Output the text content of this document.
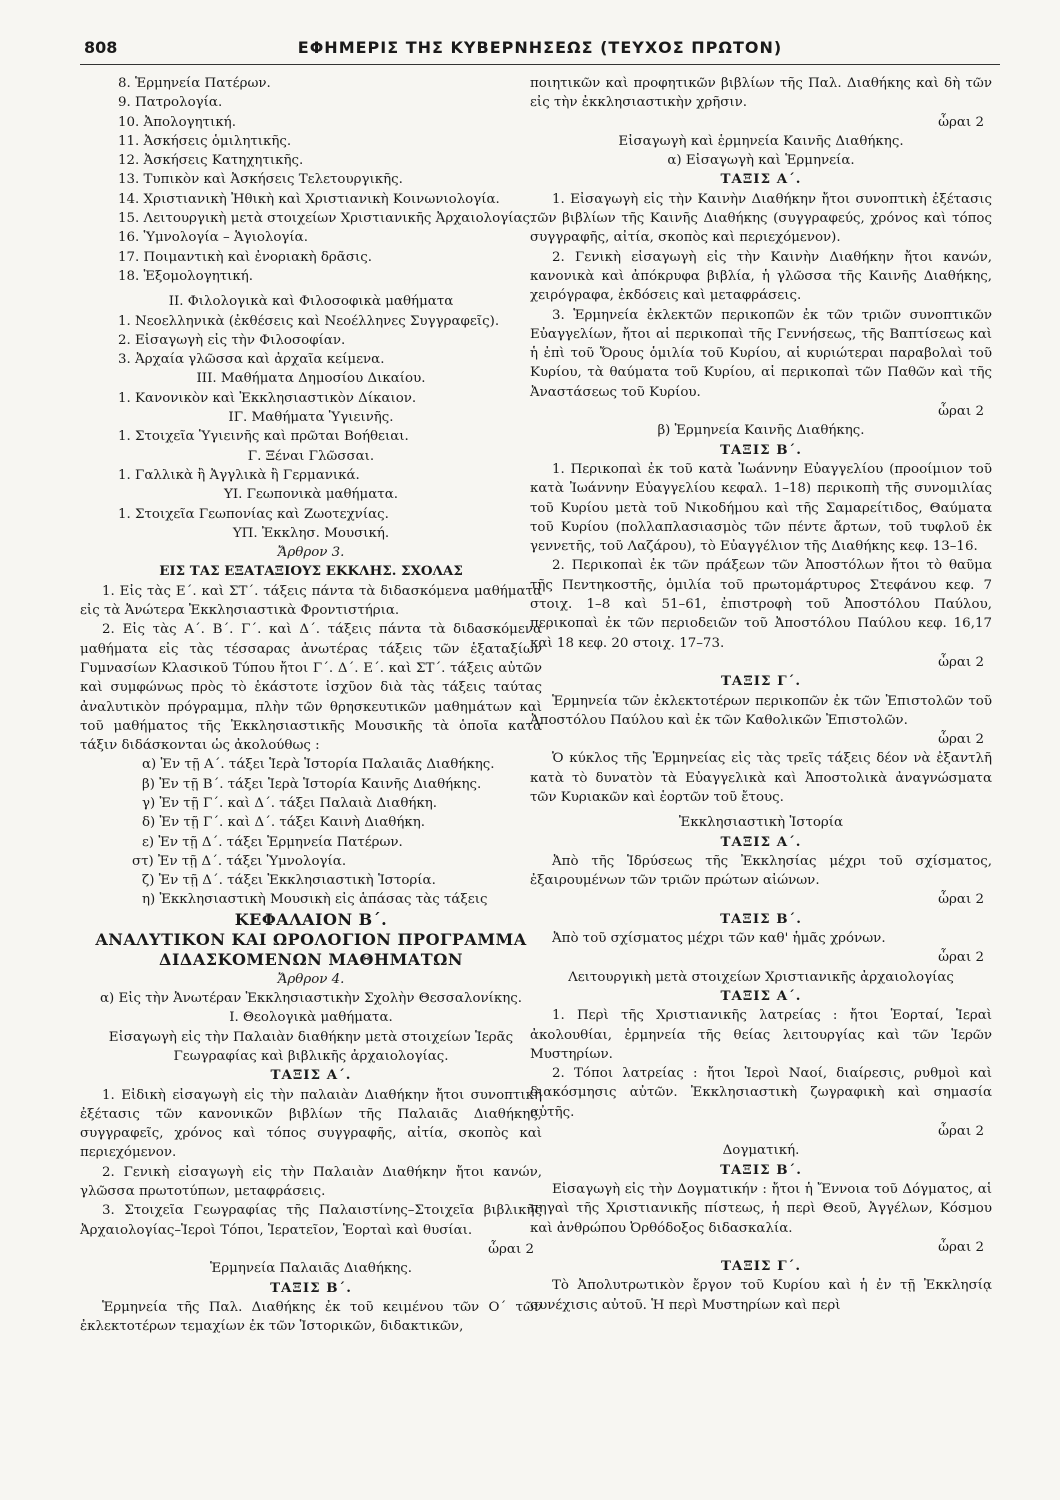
808	ΕΦΗΜΕΡΙΣ ΤΗΣ ΚΥΒΕΡΝΗΣΕΩΣ (ΤΕΥΧΟΣ ΠΡΩΤΟΝ)

8. Ἑρμηνεία Πατέρων.

9. Πατρολογία.

10. Ἀπολογητική.

11. Ἀσκήσεις ὁμιλητικῆς.

12. Ἀσκήσεις Κατηχητικῆς.

13. Τυπικὸν καὶ Ἀσκήσεις Τελετουργικῆς.

14. Χριστιανικὴ Ἠθικὴ καὶ Χριστιανικὴ Κοινωνιολογία.

15. Λειτουργικὴ μετὰ στοιχείων Χριστιανικῆς Ἀρχαιολογίας.

16. Ὑμνολογία – Ἁγιολογία.

17. Ποιμαντικὴ καὶ ἐνοριακὴ δρᾶσις.

18. Ἐξομολογητική.

ΙΙ. Φιλολογικὰ καὶ Φιλοσοφικὰ μαθήματα

1. Νεοελληνικὰ (ἐκθέσεις καὶ Νεοέλληνες Συγγραφεῖς).

2. Εἰσαγωγὴ εἰς τὴν Φιλοσοφίαν.

3. Ἀρχαία γλῶσσα καὶ ἀρχαῖα κείμενα.

ΙΙΙ. Μαθήματα Δημοσίου Δικαίου.

1. Κανονικὸν καὶ Ἐκκλησιαστικὸν Δίκαιον.

ΙΓ. Μαθήματα Ὑγιεινῆς.

1. Στοιχεῖα Ὑγιεινῆς καὶ πρῶται Βοήθειαι.

Γ. Ξέναι Γλῶσσαι.

1. Γαλλικὰ ἢ Ἀγγλικὰ ἢ Γερμανικά.

ΥΙ. Γεωπονικὰ μαθήματα.

1. Στοιχεῖα Γεωπονίας καὶ Ζωοτεχνίας.

ΥΠ. Ἐκκλησ. Μουσική.

Ἄρθρον 3.

ΕΙΣ ΤΑΣ ΕΞΑΤΑΞΙΟΥΣ ΕΚΚΛΗΣ. ΣΧΟΛΑΣ

1. Εἰς τὰς Ε΄. καὶ ΣΤ΄. τάξεις πάντα τὰ διδασκόμενα μαθήματα εἰς τὰ Ἀνώτερα Ἐκκλησιαστικὰ Φροντιστήρια.

2. Εἰς τὰς Α΄. Β΄. Γ΄. καὶ Δ΄. τάξεις πάντα τὰ διδασκόμενα μαθήματα εἰς τὰς τέσσαρας ἀνωτέρας τάξεις τῶν ἑξαταξίων Γυμνασίων Κλασικοῦ Τύπου ἤτοι Γ΄. Δ΄. Ε΄. καὶ ΣΤ΄. τάξεις αὐτῶν καὶ συμφώνως πρὸς τὸ ἑκάστοτε ἰσχῦον διὰ τὰς τάξεις ταύτας ἀναλυτικὸν πρόγραμμα, πλὴν τῶν θρησκευτικῶν μαθημάτων καὶ τοῦ μαθήματος τῆς Ἐκκλησιαστικῆς Μουσικῆς τὰ ὁποῖα κατὰ τάξιν διδάσκονται ὡς ἀκολούθως :

α) Ἐν τῇ Α΄. τάξει Ἱερὰ Ἱστορία Παλαιᾶς Διαθήκης.

β) Ἐν τῇ Β΄. τάξει Ἱερὰ Ἱστορία Καινῆς Διαθήκης.

γ) Ἐν τῇ Γ΄. καὶ Δ΄. τάξει Παλαιὰ Διαθήκη.

δ) Ἐν τῇ Γ΄. καὶ Δ΄. τάξει Καινὴ Διαθήκη.

ε) Ἐν τῇ Δ΄. τάξει Ἑρμηνεία Πατέρων.

στ) Ἐν τῇ Δ΄. τάξει Ὑμνολογία.

ζ) Ἐν τῇ Δ΄. τάξει Ἐκκλησιαστικὴ Ἱστορία.

η) Ἐκκλησιαστικὴ Μουσικὴ εἰς ἁπάσας τὰς τάξεις

ΚΕΦΑΛΑΙΟΝ Β΄.

ΑΝΑΛΥΤΙΚΟΝ ΚΑΙ ΩΡΟΛΟΓΙΟΝ ΠΡΟΓΡΑΜΜΑ ΔΙΔΑΣΚΟΜΕΝΩΝ ΜΑΘΗΜΑΤΩΝ

Ἄρθρον 4.

α) Εἰς τὴν Ἀνωτέραν Ἐκκλησιαστικὴν Σχολὴν Θεσσαλονίκης.

Ι. Θεολογικὰ μαθήματα.

Εἰσαγωγὴ εἰς τὴν Παλαιὰν διαθήκην μετὰ στοιχείων Ἱερᾶς Γεωγραφίας καὶ βιβλικῆς ἀρχαιολογίας.

ΤΑΞΙΣ Α΄.

1. Εἰδικὴ εἰσαγωγὴ εἰς τὴν παλαιὰν Διαθήκην ἤτοι συνοπτικὴ ἐξέτασις τῶν κανονικῶν βιβλίων τῆς Παλαιᾶς Διαθήκης, συγγραφεῖς, χρόνος καὶ τόπος συγγραφῆς, αἰτία, σκοπὸς καὶ περιεχόμενον.

2. Γενικὴ εἰσαγωγὴ εἰς τὴν Παλαιὰν Διαθήκην ἤτοι κανών, γλῶσσα πρωτοτύπων, μεταφράσεις.

3. Στοιχεῖα Γεωγραφίας τῆς Παλαιστίνης–Στοιχεῖα βιβλικῆς Ἀρχαιολογίας–Ἱεροὶ Τόποι, Ἱερατεῖον, Ἑορταὶ καὶ θυσίαι.

ὧραι 2

Ἑρμηνεία Παλαιᾶς Διαθήκης.

ΤΑΞΙΣ Β΄.

Ἑρμηνεία τῆς Παλ. Διαθήκης ἐκ τοῦ κειμένου τῶν Ο΄ τῶν ἐκλεκτοτέρων τεμαχίων ἐκ τῶν Ἱστορικῶν, διδακτικῶν,

ποιητικῶν καὶ προφητικῶν βιβλίων τῆς Παλ. Διαθήκης καὶ δὴ τῶν εἰς τὴν ἐκκλησιαστικὴν χρῆσιν.

ὧραι 2

Εἰσαγωγὴ καὶ ἑρμηνεία Καινῆς Διαθήκης.

α) Εἰσαγωγὴ καὶ Ἑρμηνεία.

ΤΑΞΙΣ Α΄.

1. Εἰσαγωγὴ εἰς τὴν Καινὴν Διαθήκην ἤτοι συνοπτικὴ ἐξέτασις τῶν βιβλίων τῆς Καινῆς Διαθήκης (συγγραφεύς, χρόνος καὶ τόπος συγγραφῆς, αἰτία, σκοπὸς καὶ περιεχόμενον).

2. Γενικὴ εἰσαγωγὴ εἰς τὴν Καινὴν Διαθήκην ἤτοι κανών, κανονικὰ καὶ ἀπόκρυφα βιβλία, ἡ γλῶσσα τῆς Καινῆς Διαθήκης, χειρόγραφα, ἐκδόσεις καὶ μεταφράσεις.

3. Ἑρμηνεία ἐκλεκτῶν περικοπῶν ἐκ τῶν τριῶν συνοπτικῶν Εὐαγγελίων, ἤτοι αἱ περικοπαὶ τῆς Γεννήσεως, τῆς Βαπτίσεως καὶ ἡ ἐπὶ τοῦ Ὄρους ὁμιλία τοῦ Κυρίου, αἱ κυριώτεραι παραβολαὶ τοῦ Κυρίου, τὰ θαύματα τοῦ Κυρίου, αἱ περικοπαὶ τῶν Παθῶν καὶ τῆς Ἀναστάσεως τοῦ Κυρίου.

ὧραι 2

β) Ἑρμηνεία Καινῆς Διαθήκης.

ΤΑΞΙΣ Β΄.

1. Περικοπαὶ ἐκ τοῦ κατὰ Ἰωάννην Εὐαγγελίου (προοίμιον τοῦ κατὰ Ἰωάννην Εὐαγγελίου κεφαλ. 1–18) περικοπὴ τῆς συνομιλίας τοῦ Κυρίου μετὰ τοῦ Νικοδήμου καὶ τῆς Σαμαρείτιδος, Θαύματα τοῦ Κυρίου (πολλαπλασιασμὸς τῶν πέντε ἄρτων, τοῦ τυφλοῦ ἐκ γεννετῆς, τοῦ Λαζάρου), τὸ Εὐαγγέλιον τῆς Διαθήκης κεφ. 13–16.

2. Περικοπαὶ ἐκ τῶν πράξεων τῶν Ἀποστόλων ἤτοι τὸ θαῦμα τῆς Πεντηκοστῆς, ὁμιλία τοῦ πρωτομάρτυρος Στεφάνου κεφ. 7 στοιχ. 1–8 καὶ 51–61, ἐπιστροφὴ τοῦ Ἀποστόλου Παύλου, περικοπαὶ ἐκ τῶν περιοδειῶν τοῦ Ἀποστόλου Παύλου κεφ. 16,17 καὶ 18 κεφ. 20 στοιχ. 17–73.

ὧραι 2

ΤΑΞΙΣ Γ΄.

Ἑρμηνεία τῶν ἐκλεκτοτέρων περικοπῶν ἐκ τῶν Ἐπιστολῶν τοῦ Ἀποστόλου Παύλου καὶ ἐκ τῶν Καθολικῶν Ἐπιστολῶν.

ὧραι 2

Ὁ κύκλος τῆς Ἑρμηνείας εἰς τὰς τρεῖς τάξεις δέον νὰ ἐξαντλῆ κατὰ τὸ δυνατὸν τὰ Εὐαγγελικὰ καὶ Ἀποστολικὰ ἀναγνώσματα τῶν Κυριακῶν καὶ ἑορτῶν τοῦ ἔτους.

Ἐκκλησιαστικὴ Ἱστορία

ΤΑΞΙΣ Α΄.

Ἀπὸ τῆς Ἱδρύσεως τῆς Ἐκκλησίας μέχρι τοῦ σχίσματος, ἐξαιρουμένων τῶν τριῶν πρώτων αἰώνων.

ὧραι 2

ΤΑΞΙΣ Β΄.

Ἀπὸ τοῦ σχίσματος μέχρι τῶν καθ' ἡμᾶς χρόνων.

ὧραι 2

Λειτουργικὴ μετὰ στοιχείων Χριστιανικῆς ἀρχαιολογίας

ΤΑΞΙΣ Α΄.

1. Περὶ τῆς Χριστιανικῆς λατρείας : ἤτοι Ἑορταί, Ἱεραὶ ἀκολουθίαι, ἑρμηνεία τῆς θείας λειτουργίας καὶ τῶν Ἱερῶν Μυστηρίων.

2. Τόποι λατρείας : ἤτοι Ἱεροὶ Ναοί, διαίρεσις, ρυθμοὶ καὶ διακόσμησις αὐτῶν. Ἐκκλησιαστικὴ ζωγραφικὴ καὶ σημασία αὐτῆς.

ὧραι 2

Δογματική.

ΤΑΞΙΣ Β΄.

Εἰσαγωγὴ εἰς τὴν Δογματικήν : ἤτοι ἡ Ἔννοια τοῦ Δόγματος, αἱ πηγαὶ τῆς Χριστιανικῆς πίστεως, ἡ περὶ Θεοῦ, Ἀγγέλων, Κόσμου καὶ ἀνθρώπου Ὀρθόδοξος διδασκαλία.

ὧραι 2

ΤΑΞΙΣ Γ΄.

Τὸ Ἀπολυτρωτικὸν ἔργον τοῦ Κυρίου καὶ ἡ ἐν τῇ Ἐκκλησίᾳ συνέχισις αὐτοῦ. Ἡ περὶ Μυστηρίων καὶ περὶ
